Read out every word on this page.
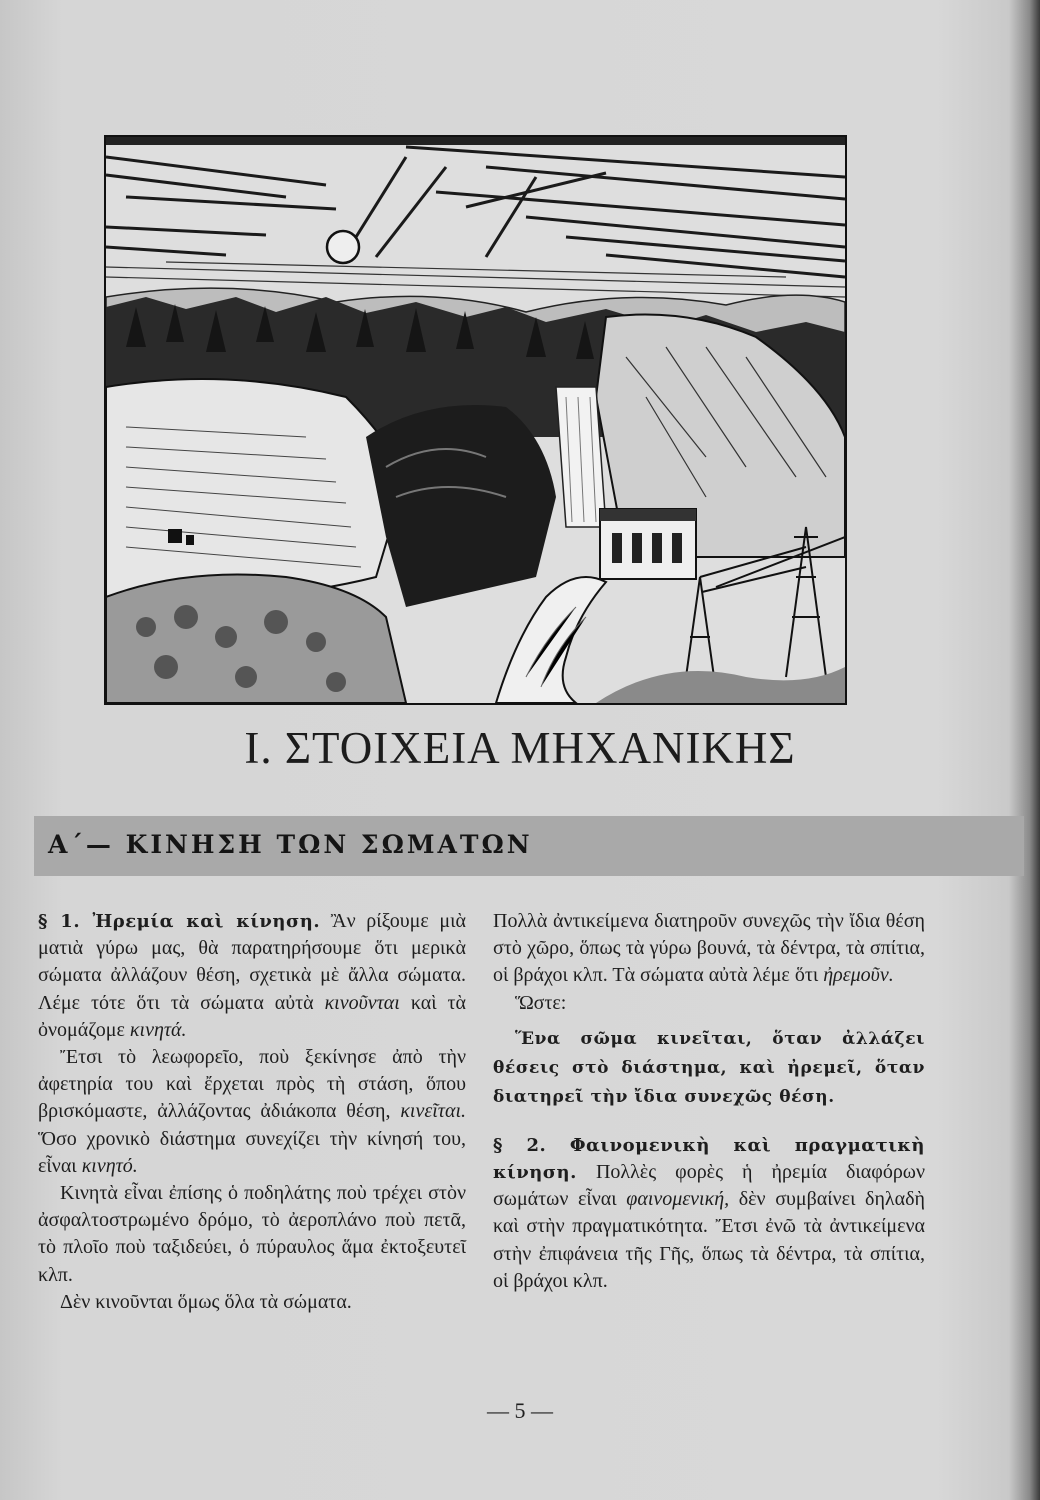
I. ΣΤΟΙΧΕΙΑ ΜΗΧΑΝΙΚΗΣ
Α΄— ΚΙΝΗΣΗ ΤΩΝ ΣΩΜΑΤΩΝ

§ 1. Ἠρεμία καὶ κίνηση. Ἂν ρίξουμε μιὰ ματιὰ γύρω μας, θὰ παρατηρήσουμε ὅτι μερικὰ σώματα ἀλλάζουν θέση, σχετικὰ μὲ ἄλλα σώματα. Λέμε τότε ὅτι τὰ σώματα αὐτὰ κινοῦνται καὶ τὰ ὀνομάζομε κινητά.

Ἔτσι τὸ λεωφορεῖο, ποὺ ξεκίνησε ἀπὸ τὴν ἀφετηρία του καὶ ἔρχεται πρὸς τὴ στάση, ὅπου βρισκόμαστε, ἀλλάζοντας ἀδιάκοπα θέση, κινεῖται. Ὅσο χρονικὸ διάστημα συνεχίζει τὴν κίνησή του, εἶναι κινητό.

Κινητὰ εἶναι ἐπίσης ὁ ποδηλάτης ποὺ τρέχει στὸν ἀσφαλτοστρωμένο δρόμο, τὸ ἀεροπλάνο ποὺ πετᾶ, τὸ πλοῖο ποὺ ταξιδεύει, ὁ πύραυλος ἅμα ἐκτοξευτεῖ κλπ.

Δὲν κινοῦνται ὅμως ὅλα τὰ σώματα.

Πολλὰ ἀντικείμενα διατηροῦν συνεχῶς τὴν ἴδια θέση στὸ χῶρο, ὅπως τὰ γύρω βουνά, τὰ δέντρα, τὰ σπίτια, οἱ βράχοι κλπ. Τὰ σώματα αὐτὰ λέμε ὅτι ἠρεμοῦν.

Ὥστε:

Ἕνα σῶμα κινεῖται, ὅταν ἀλλάζει θέσεις στὸ διάστημα, καὶ ἠρεμεῖ, ὅταν διατηρεῖ τὴν ἴδια συνεχῶς θέση.

§ 2. Φαινομενικὴ καὶ πραγματικὴ κίνηση. Πολλὲς φορὲς ἡ ἠρεμία διαφόρων σωμάτων εἶναι φαινομενική, δὲν συμβαίνει δηλαδὴ καὶ στὴν πραγματικότητα. Ἔτσι ἐνῶ τὰ ἀντικείμενα στὴν ἐπιφάνεια τῆς Γῆς, ὅπως τὰ δέντρα, τὰ σπίτια, οἱ βράχοι κλπ.

— 5 —
